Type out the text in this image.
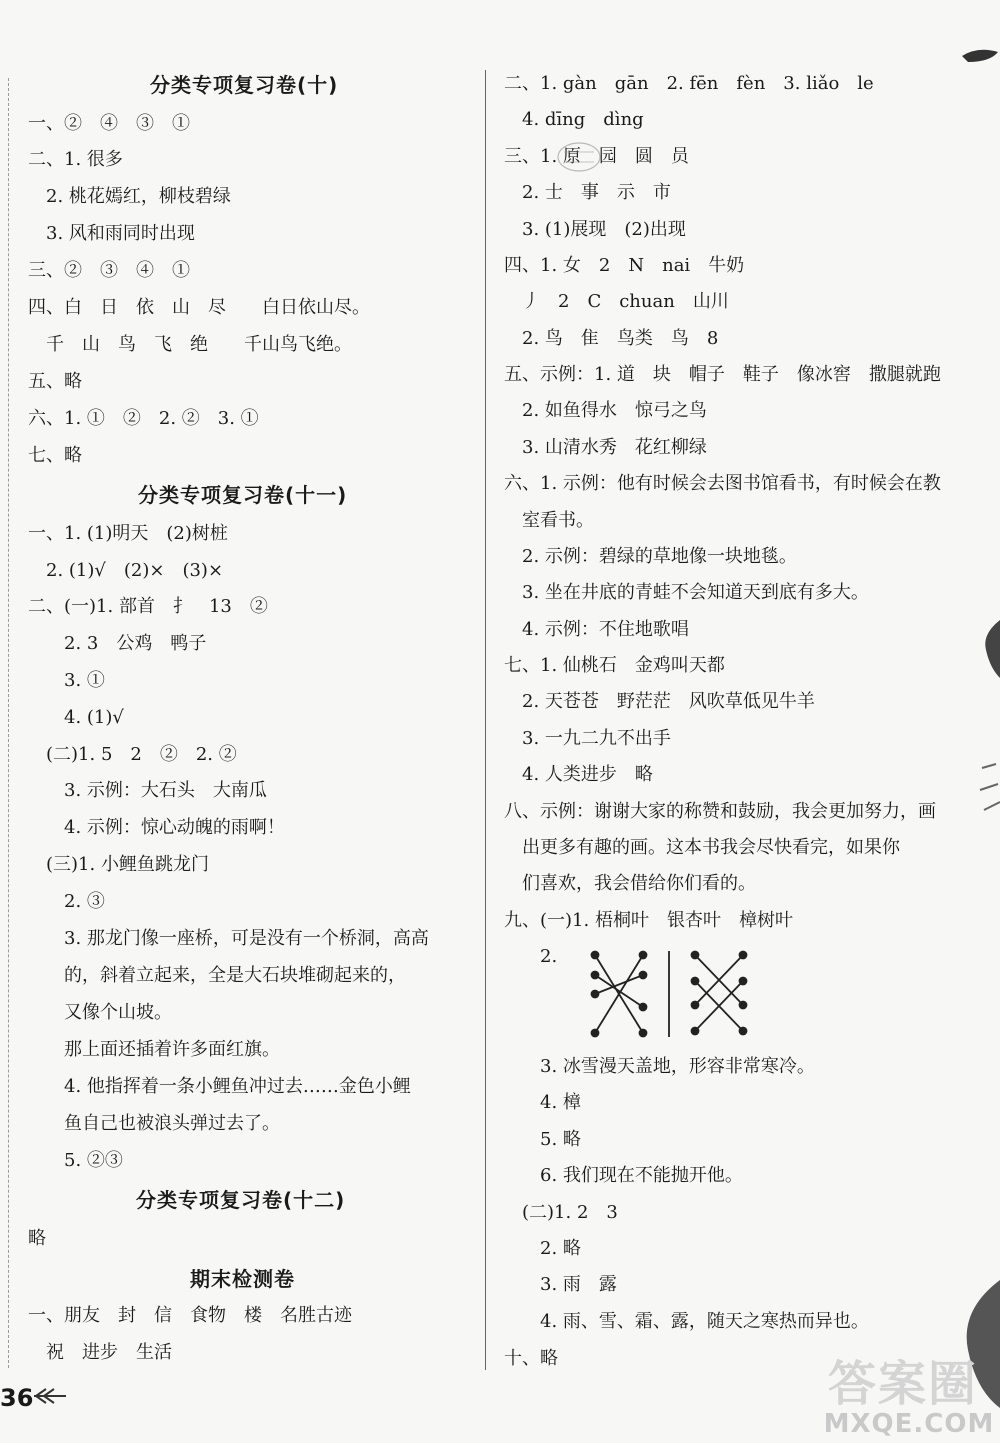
分类专项复习卷(十)
一、②　④　③　①
二、1. 很多
　2. 桃花嫣红，柳枝碧绿
　3. 风和雨同时出现
三、②　③　④　①
四、白　日　依　山　尽　　白日依山尽。
　千　山　鸟　飞　绝　　千山鸟飞绝。
五、略
六、1. ①　②　2. ②　3. ①
七、略
分类专项复习卷(十一)
一、1. (1)明天　(2)树桩
　2. (1)√　(2)×　(3)×
二、(一)1. 部首　扌　13　②
　　2. 3　公鸡　鸭子
　　3. ①
　　4. (1)√
　(二)1. 5　2　②　2. ②
　　3. 示例：大石头　大南瓜
　　4. 示例：惊心动魄的雨啊！
　(三)1. 小鲤鱼跳龙门
　　2. ③
　　3. 那龙门像一座桥，可是没有一个桥洞，高高
　　的，斜着立起来，全是大石块堆砌起来的，
　　又像个山坡。
　　那上面还插着许多面红旗。
　　4. 他指挥着一条小鲤鱼冲过去……金色小鲤
　　鱼自己也被浪头弹过去了。
　　5. ②③
分类专项复习卷(十二)
略
期末检测卷
一、朋友　封　信　食物　楼　名胜古迹
　祝　进步　生活
二、1. gàn　gān　2. fēn　fèn　3. liǎo　le
　4. dīng　dìng
三、1. 原　园　圆　员
　2. 士　事　示　市
　3. (1)展现　(2)出现
四、1. 女　2　N　nai　牛奶
　丿　2　C　chuan　山川
　2. 鸟　隹　鸟类　鸟　8
五、示例：1. 道　块　帽子　鞋子　像冰窖　撒腿就跑
　2. 如鱼得水　惊弓之鸟
　3. 山清水秀　花红柳绿
六、1. 示例：他有时候会去图书馆看书，有时候会在教
　室看书。
　2. 示例：碧绿的草地像一块地毯。
　3. 坐在井底的青蛙不会知道天到底有多大。
　4. 示例：不住地歌唱
七、1. 仙桃石　金鸡叫天都
　2. 天苍苍　野茫茫　风吹草低见牛羊
　3. 一九二九不出手
　4. 人类进步　略
八、示例：谢谢大家的称赞和鼓励，我会更加努力，画
　出更多有趣的画。这本书我会尽快看完，如果你
　们喜欢，我会借给你们看的。
九、(一)1. 梧桐叶　银杏叶　樟树叶
　　2.
　　3. 冰雪漫天盖地，形容非常寒冷。
　　4. 樟
　　5. 略
　　6. 我们现在不能抛开他。
　(二)1. 2　3
　　2. 略
　　3. 雨　露
　　4. 雨、雪、霜、露，随天之寒热而异也。
十、略
36	答案圈
MXQE.COM
